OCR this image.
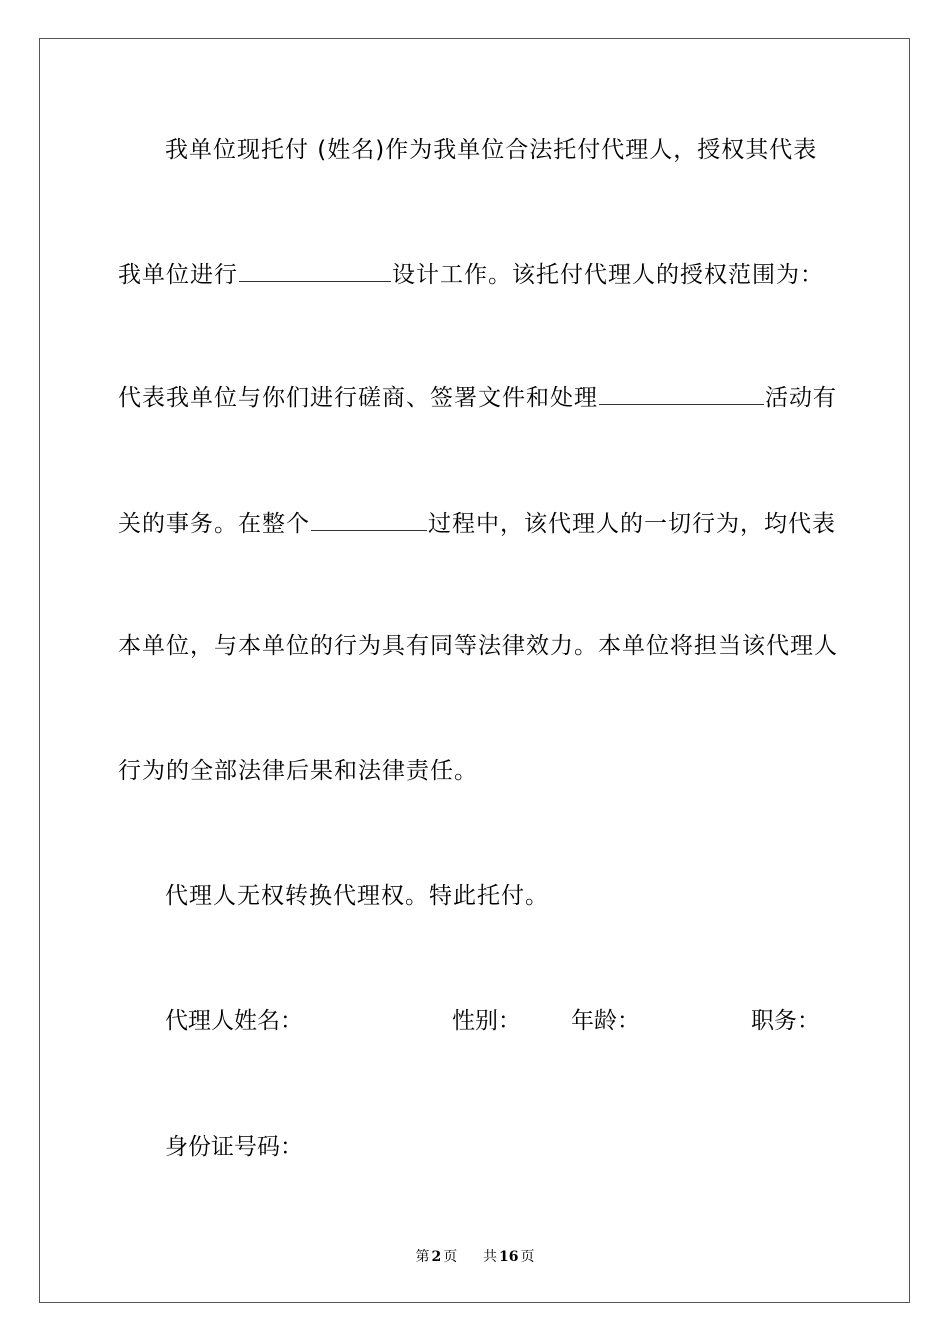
我单位现托付 (姓名)作为我单位合法托付代理人，授权其代表
我单位进行	设计工作。该托付代理人的授权范围为：
代表我单位与你们进行磋商、签署文件和处理	活动有
关的事务。在整个	过程中，该代理人的一切行为，均代表
本单位，与本单位的行为具有同等法律效力。本单位将担当该代理人
行为的全部法律后果和法律责任。
代理人无权转换代理权。特此托付。
代理人姓名：	性别： 年龄：	职务：
身份证号码：
第 2 页 共 16 页
